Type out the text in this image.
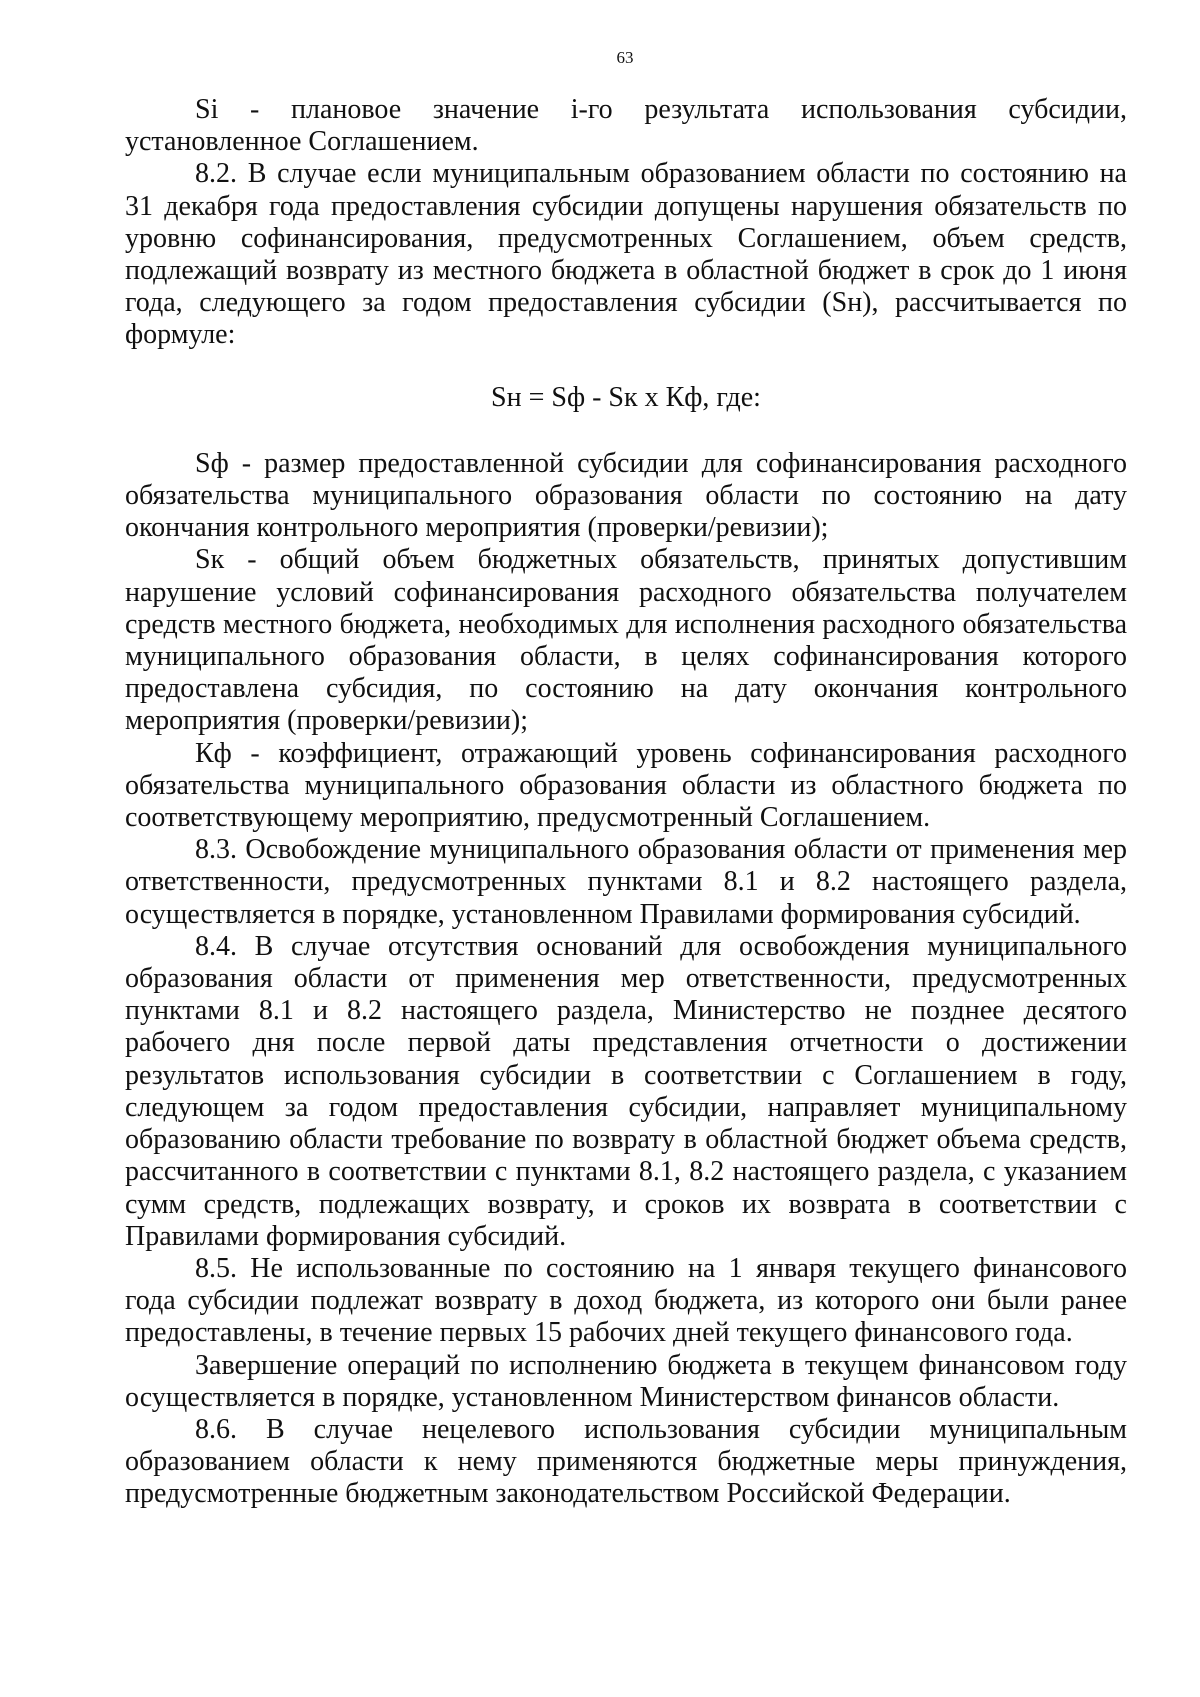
63

Si - плановое значение i-го результата использования субсидии, установленное Соглашением.

8.2. В случае если муниципальным образованием области по состоянию на 31 декабря года предоставления субсидии допущены нарушения обязательств по уровню софинансирования, предусмотренных Соглашением, объем средств, подлежащий возврату из местного бюджета в областной бюджет в срок до 1 июня года, следующего за годом предоставления субсидии (Sн), рассчитывается по формуле:

Sн = Sф - Sк x Кф, где:

Sф - размер предоставленной субсидии для софинансирования расходного обязательства муниципального образования области по состоянию на дату окончания контрольного мероприятия (проверки/ревизии);

Sк - общий объем бюджетных обязательств, принятых допустившим нарушение условий софинансирования расходного обязательства получателем средств местного бюджета, необходимых для исполнения расходного обязательства муниципального образования области, в целях софинансирования которого предоставлена субсидия, по состоянию на дату окончания контрольного мероприятия (проверки/ревизии);

Кф - коэффициент, отражающий уровень софинансирования расходного обязательства муниципального образования области из областного бюджета по соответствующему мероприятию, предусмотренный Соглашением.

8.3. Освобождение муниципального образования области от применения мер ответственности, предусмотренных пунктами 8.1 и 8.2 настоящего раздела, осуществляется в порядке, установленном Правилами формирования субсидий.

8.4. В случае отсутствия оснований для освобождения муниципального образования области от применения мер ответственности, предусмотренных пунктами 8.1 и 8.2 настоящего раздела, Министерство не позднее десятого рабочего дня после первой даты представления отчетности о достижении результатов использования субсидии в соответствии с Соглашением в году, следующем за годом предоставления субсидии, направляет муниципальному образованию области требование по возврату в областной бюджет объема средств, рассчитанного в соответствии с пунктами 8.1, 8.2 настоящего раздела, с указанием сумм средств, подлежащих возврату, и сроков их возврата в соответствии с Правилами формирования субсидий.

8.5. Не использованные по состоянию на 1 января текущего финансового года субсидии подлежат возврату в доход бюджета, из которого они были ранее предоставлены, в течение первых 15 рабочих дней текущего финансового года.

Завершение операций по исполнению бюджета в текущем финансовом году осуществляется в порядке, установленном Министерством финансов области.

8.6. В случае нецелевого использования субсидии муниципальным образованием области к нему применяются бюджетные меры принуждения, предусмотренные бюджетным законодательством Российской Федерации.
